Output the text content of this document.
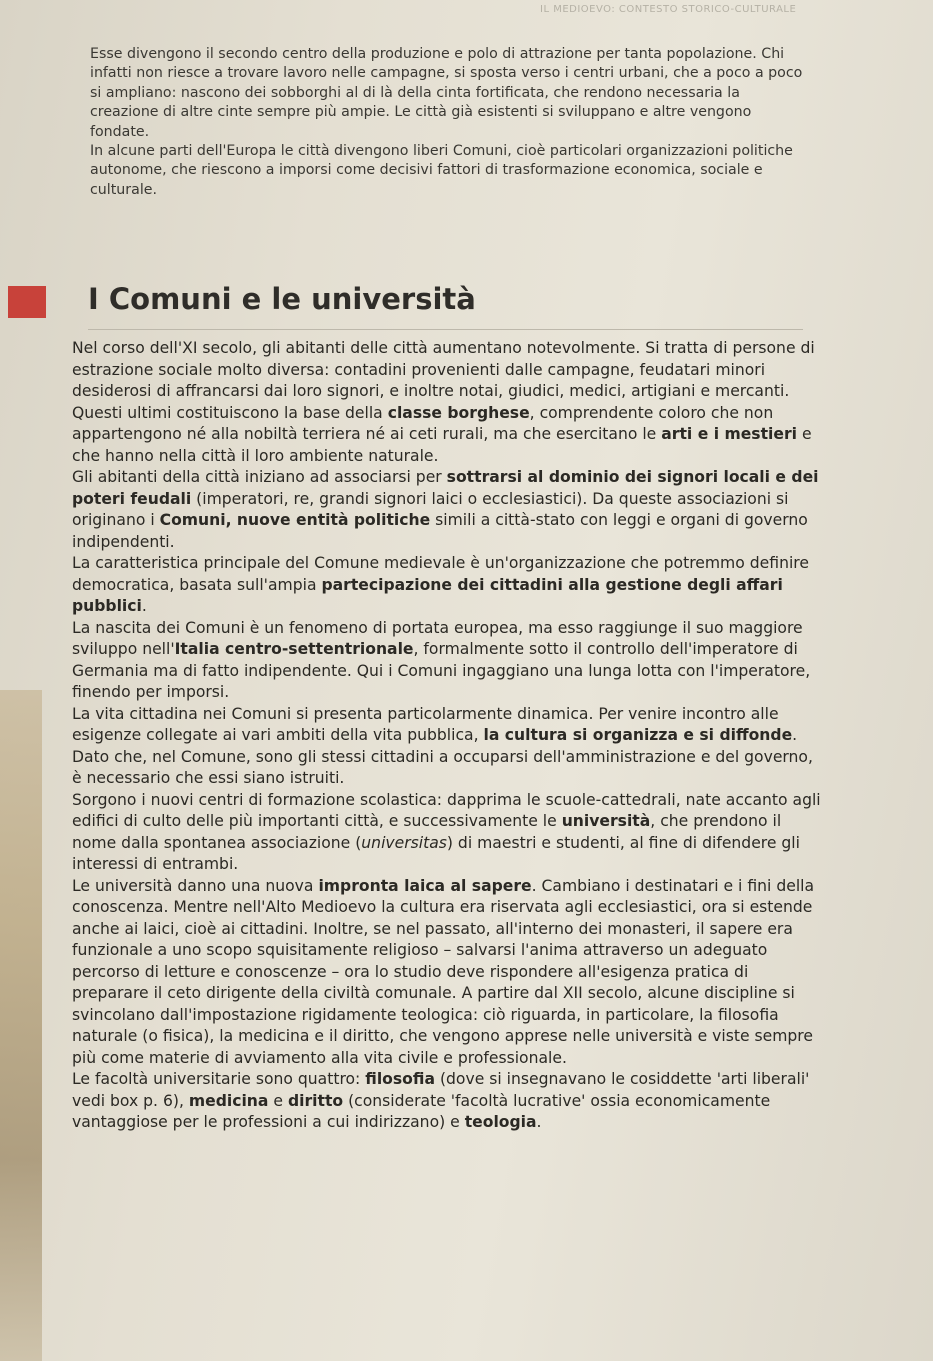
IL MEDIOEVO: CONTESTO STORICO-CULTURALE

Esse divengono il secondo centro della produzione e polo di attrazione per tanta popolazione. Chi infatti non riesce a trovare lavoro nelle campagne, si sposta verso i centri urbani, che a poco a poco si ampliano: nascono dei sobborghi al di là della cinta fortificata, che rendono necessaria la creazione di altre cinte sempre più ampie. Le città già esistenti si sviluppano e altre vengono fondate.

In alcune parti dell'Europa le città divengono liberi Comuni, cioè particolari organizzazioni politiche autonome, che riescono a imporsi come decisivi fattori di trasformazione economica, sociale e culturale.

I Comuni e le università

Nel corso dell'XI secolo, gli abitanti delle città aumentano notevolmente. Si tratta di persone di estrazione sociale molto diversa: contadini provenienti dalle campagne, feudatari minori desiderosi di affrancarsi dai loro signori, e inoltre notai, giudici, medici, artigiani e mercanti. Questi ultimi costituiscono la base della classe borghese, comprendente coloro che non appartengono né alla nobiltà terriera né ai ceti rurali, ma che esercitano le arti e i mestieri e che hanno nella città il loro ambiente naturale.

Gli abitanti della città iniziano ad associarsi per sottrarsi al dominio dei signori locali e dei poteri feudali (imperatori, re, grandi signori laici o ecclesiastici). Da queste associazioni si originano i Comuni, nuove entità politiche simili a città-stato con leggi e organi di governo indipendenti.

La caratteristica principale del Comune medievale è un'organizzazione che potremmo definire democratica, basata sull'ampia partecipazione dei cittadini alla gestione degli affari pubblici.

La nascita dei Comuni è un fenomeno di portata europea, ma esso raggiunge il suo maggiore sviluppo nell'Italia centro-settentrionale, formalmente sotto il controllo dell'imperatore di Germania ma di fatto indipendente. Qui i Comuni ingaggiano una lunga lotta con l'imperatore, finendo per imporsi.

La vita cittadina nei Comuni si presenta particolarmente dinamica. Per venire incontro alle esigenze collegate ai vari ambiti della vita pubblica, la cultura si organizza e si diffonde. Dato che, nel Comune, sono gli stessi cittadini a occuparsi dell'amministrazione e del governo, è necessario che essi siano istruiti.

Sorgono i nuovi centri di formazione scolastica: dapprima le scuole-cattedrali, nate accanto agli edifici di culto delle più importanti città, e successivamente le università, che prendono il nome dalla spontanea associazione (universitas) di maestri e studenti, al fine di difendere gli interessi di entrambi.

Le università danno una nuova impronta laica al sapere. Cambiano i destinatari e i fini della conoscenza. Mentre nell'Alto Medioevo la cultura era riservata agli ecclesiastici, ora si estende anche ai laici, cioè ai cittadini. Inoltre, se nel passato, all'interno dei monasteri, il sapere era funzionale a uno scopo squisitamente religioso – salvarsi l'anima attraverso un adeguato percorso di letture e conoscenze – ora lo studio deve rispondere all'esigenza pratica di preparare il ceto dirigente della civiltà comunale. A partire dal XII secolo, alcune discipline si svincolano dall'impostazione rigidamente teologica: ciò riguarda, in particolare, la filosofia naturale (o fisica), la medicina e il diritto, che vengono apprese nelle università e viste sempre più come materie di avviamento alla vita civile e professionale.

Le facoltà universitarie sono quattro: filosofia (dove si insegnavano le cosiddette 'arti liberali' vedi box p. 6), medicina e diritto (considerate 'facoltà lucrative' ossia economicamente vantaggiose per le professioni a cui indirizzano) e teologia.
